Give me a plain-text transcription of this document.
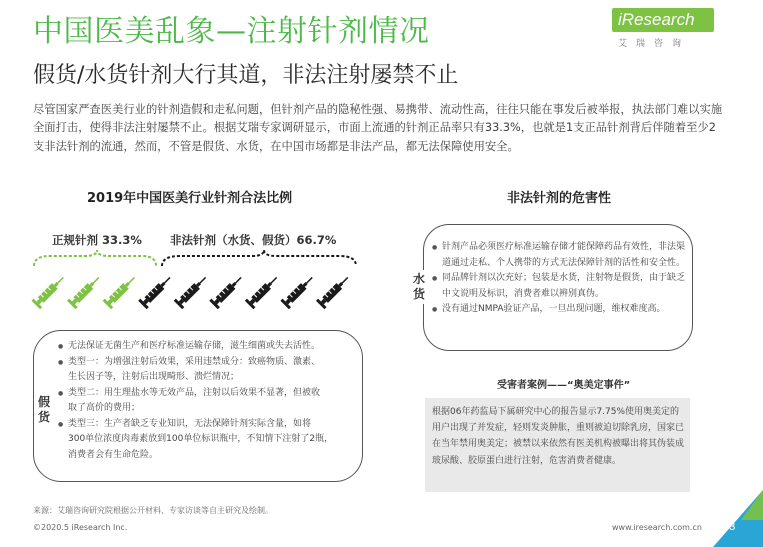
中国医美乱象—注射针剂情况
假货/水货针剂大行其道，非法注射屡禁不止
iResearch
艾瑞咨询
尽管国家严查医美行业的针剂造假和走私问题，但针剂产品的隐秘性强、易携带、流动性高，往往只能在事发后被举报，执法部门难以实施全面打击，使得非法注射屡禁不止。根据艾瑞专家调研显示，市面上流通的针剂正品率只有33.3%，也就是1支正品针剂背后伴随着至少2支非法针剂的流通，然而，不管是假货、水货，在中国市场都是非法产品，都无法保障使用安全。
2019年中国医美行业针剂合法比例	非法针剂的危害性
正规针剂 33.3% 非法针剂（水货、假货）66.7%
假货
● 无法保证无菌生产和医疗标准运输存储，滋生细菌或失去活性。
● 类型一：为增强注射后效果，采用违禁成分：致癌物质、激素、
生长因子等，注射后出现畸形、溃烂情况；
● 类型二：用生理盐水等无效产品，注射以后效果不显著，但被收
取了高价的费用；
● 类型三：生产者缺乏专业知识，无法保障针剂实际含量，如将
300单位浓度肉毒素放到100单位标识瓶中，不知情下注射了2瓶，
消费者会有生命危险。
水货
● 针剂产品必须医疗标准运输存储才能保障药品有效性，非法渠道通过走私、个人携带的方式无法保障针剂的活性和安全性。
● 同品牌针剂以次充好；包装是水货，注射物是假货，由于缺乏中文说明及标识，消费者难以辨别真伪。
● 没有通过NMPA验证产品，一旦出现问题，维权难度高。
受害者案例——“奥美定事件”
根据06年药监局下属研究中心的报告显示7.75%使用奥美定的用户出现了并发症，轻则发炎肿胀，重则被迫切除乳房，国家已在当年禁用奥美定；被禁以来依然有医美机构被曝出将其伪装成玻尿酸、胶原蛋白进行注射，危害消费者健康。
来源：艾瑞咨询研究院根据公开材料、专家访谈等自主研究及绘制。
©2020.5 iResearch Inc.	www.iresearch.com.cn 33
